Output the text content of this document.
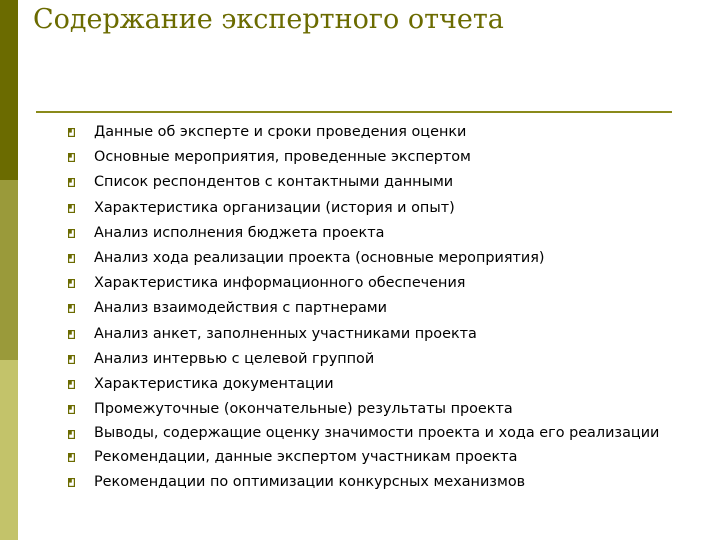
Содержание экспертного отчета
Данные об эксперте и сроки проведения оценки
Основные мероприятия, проведенные экспертом
Список респондентов с контактными данными
Характеристика организации (история и опыт)
Анализ исполнения бюджета проекта
Анализ хода реализации проекта (основные мероприятия)
Характеристика информационного обеспечения
Анализ взаимодействия с партнерами
Анализ анкет, заполненных участниками проекта
Анализ интервью с целевой группой
Характеристика документации
Промежуточные (окончательные) результаты проекта
Выводы, содержащие оценку значимости проекта и хода его реализации
Рекомендации, данные экспертом участникам проекта
Рекомендации по оптимизации конкурсных механизмов
